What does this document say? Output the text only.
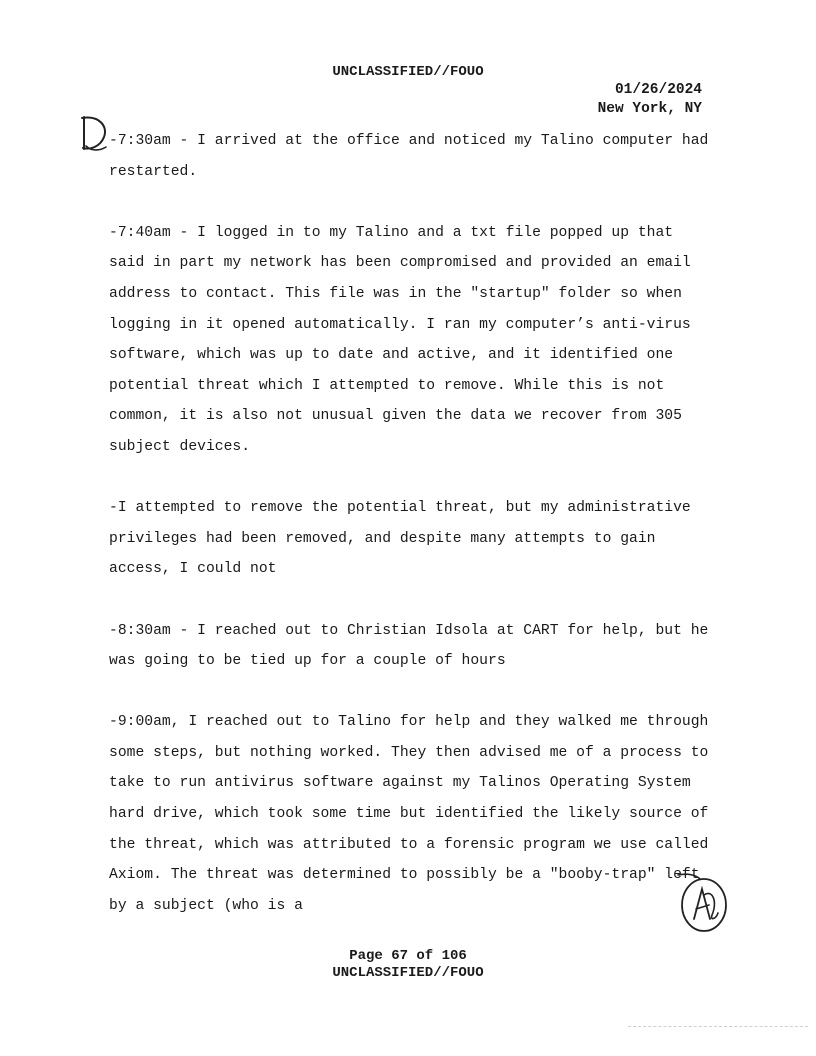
UNCLASSIFIED//FOUO
01/26/2024
New York, NY

-7:30am - I arrived at the office and noticed my Talino computer had restarted.

-7:40am - I logged in to my Talino and a txt file popped up that said in part my network has been compromised and provided an email address to contact. This file was in the "startup" folder so when logging in it opened automatically. I ran my computer’s anti-virus software, which was up to date and active, and it identified one potential threat which I attempted to remove. While this is not common, it is also not unusual given the data we recover from 305 subject devices.

-I attempted to remove the potential threat, but my administrative privileges had been removed, and despite many attempts to gain access, I could not

-8:30am - I reached out to Christian Idsola at CART for help, but he was going to be tied up for a couple of hours

-9:00am, I reached out to Talino for help and they walked me through some steps, but nothing worked. They then advised me of a process to take to run antivirus software against my Talinos Operating System hard drive, which took some time but identified the likely source of the threat, which was attributed to a forensic program we use called Axiom. The threat was determined to possibly be a "booby-trap" left by a subject (who is a

Page 67 of 106
UNCLASSIFIED//FOUO
